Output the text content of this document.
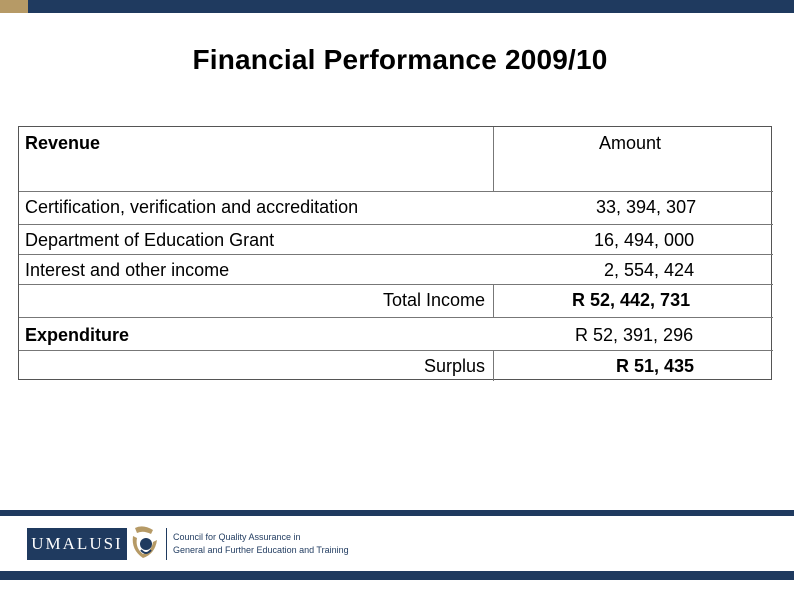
Financial Performance 2009/10
Revenue	Amount
Certification, verification and accreditation	33, 394, 307
Department of Education Grant	16, 494, 000
Interest and other income	2, 554, 424
Total Income	R 52, 442, 731
Expenditure	R 52, 391, 296
Surplus	R 51, 435
UMALUSI	Council for Quality Assurance in
General and Further Education and Training
